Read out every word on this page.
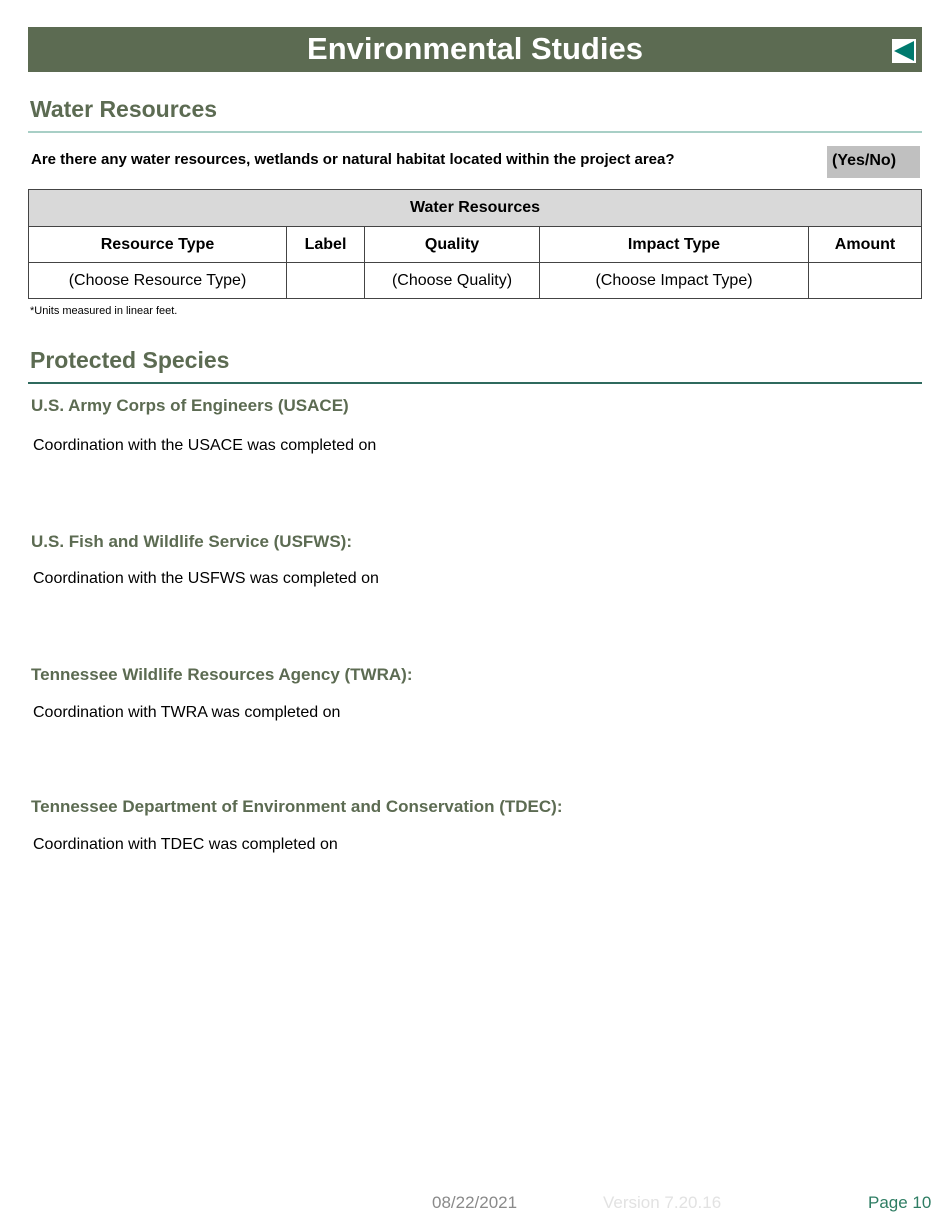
Environmental Studies
Water Resources
Are there any water resources, wetlands or natural habitat located within the project area?	(Yes/No)
Water Resources				
Resource Type	Label	Quality	Impact Type	Amount
(Choose Resource Type)		(Choose Quality)	(Choose Impact Type)	
*Units measured in linear feet.
Protected Species
U.S. Army Corps of Engineers (USACE)
Coordination with the USACE was completed on
U.S. Fish and Wildlife Service (USFWS):
Coordination with the USFWS was completed on
Tennessee Wildlife Resources Agency (TWRA):
Coordination with TWRA was completed on
Tennessee Department of Environment and Conservation (TDEC):
Coordination with TDEC was completed on
08/22/2021	Version 7.20.16	Page 10
